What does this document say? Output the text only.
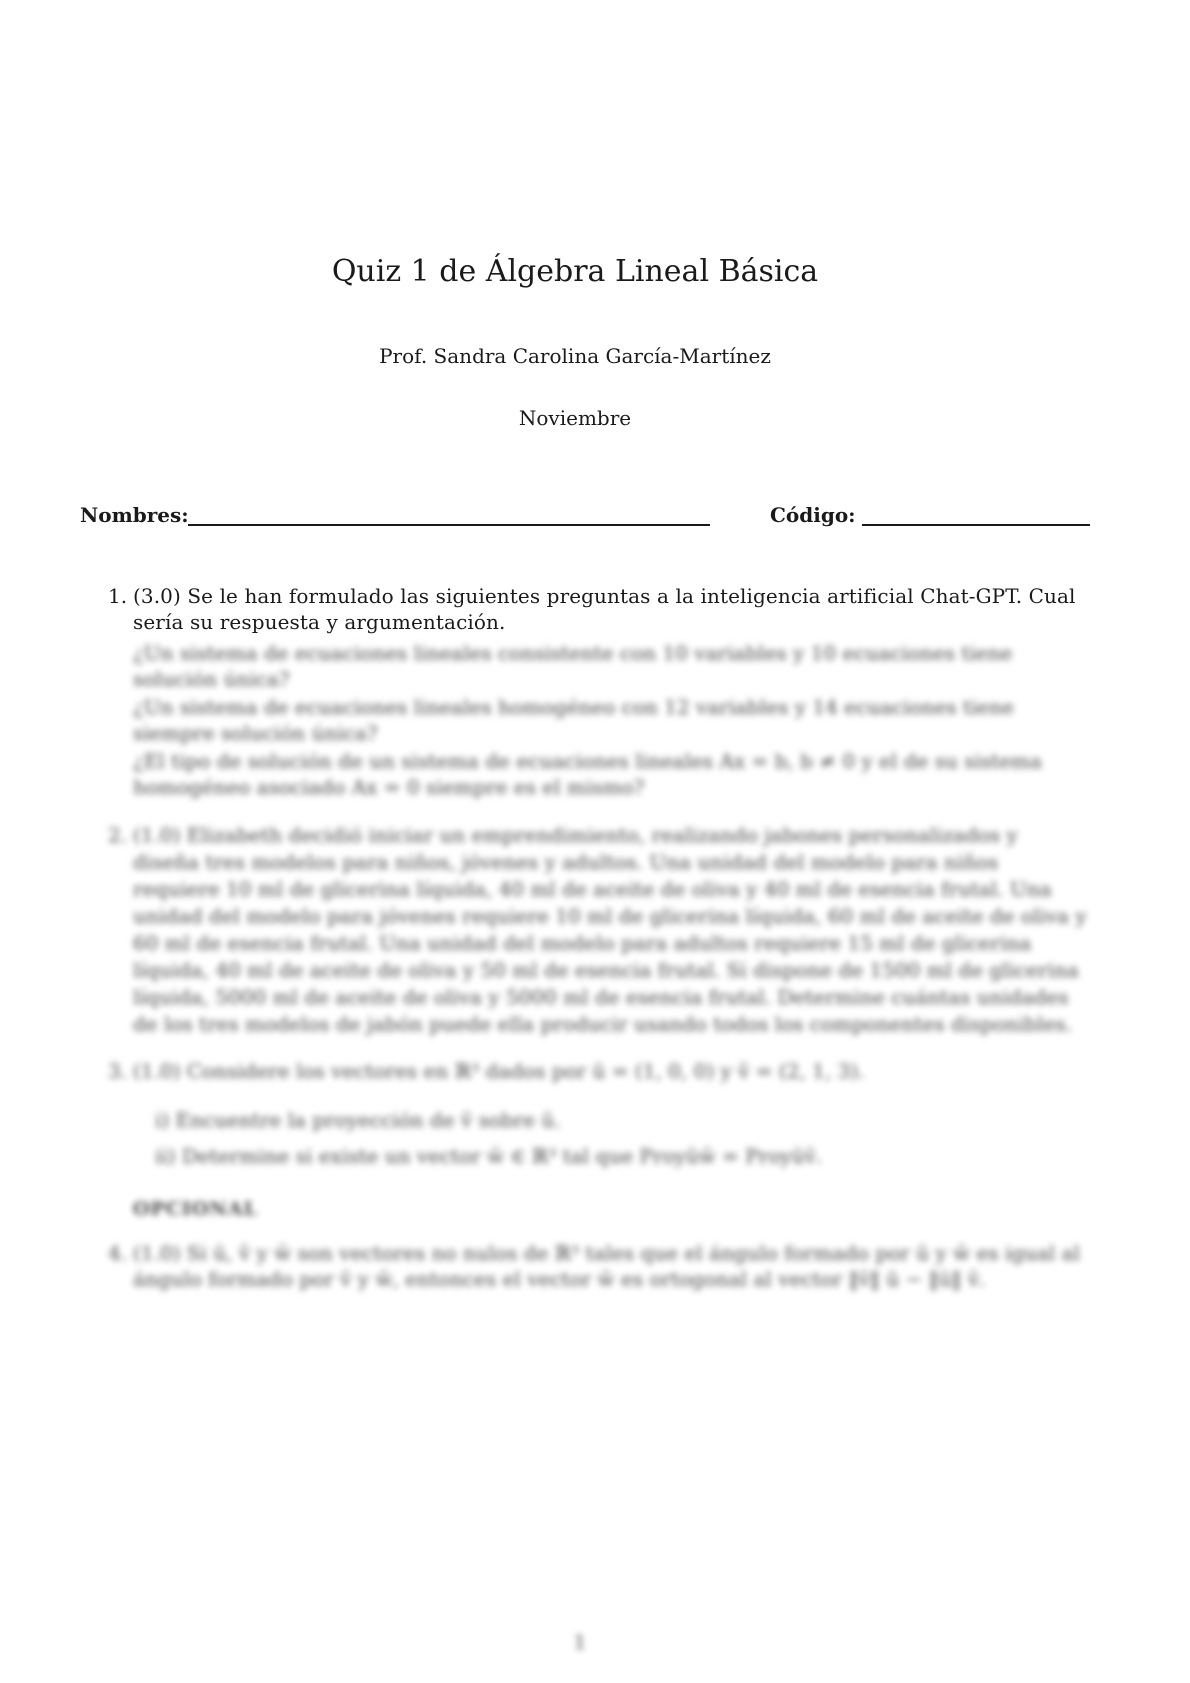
Quiz 1 de Álgebra Lineal Básica
Prof. Sandra Carolina García-Martínez
Noviembre
Nombres:	Código:
1. (3.0) Se le han formulado las siguientes preguntas a la inteligencia artificial Chat-GPT. Cual sería su respuesta y argumentación.
¿Un sistema de ecuaciones lineales consistente con 10 variables y 10 ecuaciones tiene solución única?
¿Un sistema de ecuaciones lineales homogéneo con 12 variables y 14 ecuaciones tiene siempre solución única?
¿El tipo de solución de un sistema de ecuaciones lineales Ax = b, b ≠ 0 y el de su sistema homogéneo asociado Ax = 0 siempre es el mismo?
2. (1.0) Elizabeth decidió iniciar un emprendimiento, realizando jabones personalizados y diseña tres modelos para niños, jóvenes y adultos. Una unidad del modelo para niños requiere 10 ml de glicerina líquida, 40 ml de aceite de oliva y 40 ml de esencia frutal. Una unidad del modelo para jóvenes requiere 10 ml de glicerina líquida, 60 ml de aceite de oliva y 60 ml de esencia frutal. Una unidad del modelo para adultos requiere 15 ml de glicerina líquida, 40 ml de aceite de oliva y 50 ml de esencia frutal. Si dispone de 1500 ml de glicerina líquida, 5000 ml de aceite de oliva y 5000 ml de esencia frutal. Determine cuántas unidades de los tres modelos de jabón puede ella producir usando todos los componentes disponibles.
3. (1.0) Considere los vectores en ℝ³ dados por ū = (1, 0, 0) y v̄ = (2, 1, 3).
i) Encuentre la proyección de v̄ sobre ū.
ii) Determine si existe un vector w̄ ∈ ℝ³ tal que Proyūw̄ = Proyūv̄.
OPCIONAL
4. (1.0) Si ū, v̄ y w̄ son vectores no nulos de ℝ³ tales que el ángulo formado por ū y w̄ es igual al ángulo formado por v̄ y w̄, entonces el vector w̄ es ortogonal al vector ‖v̄‖ ū − ‖ū‖ v̄.
1
